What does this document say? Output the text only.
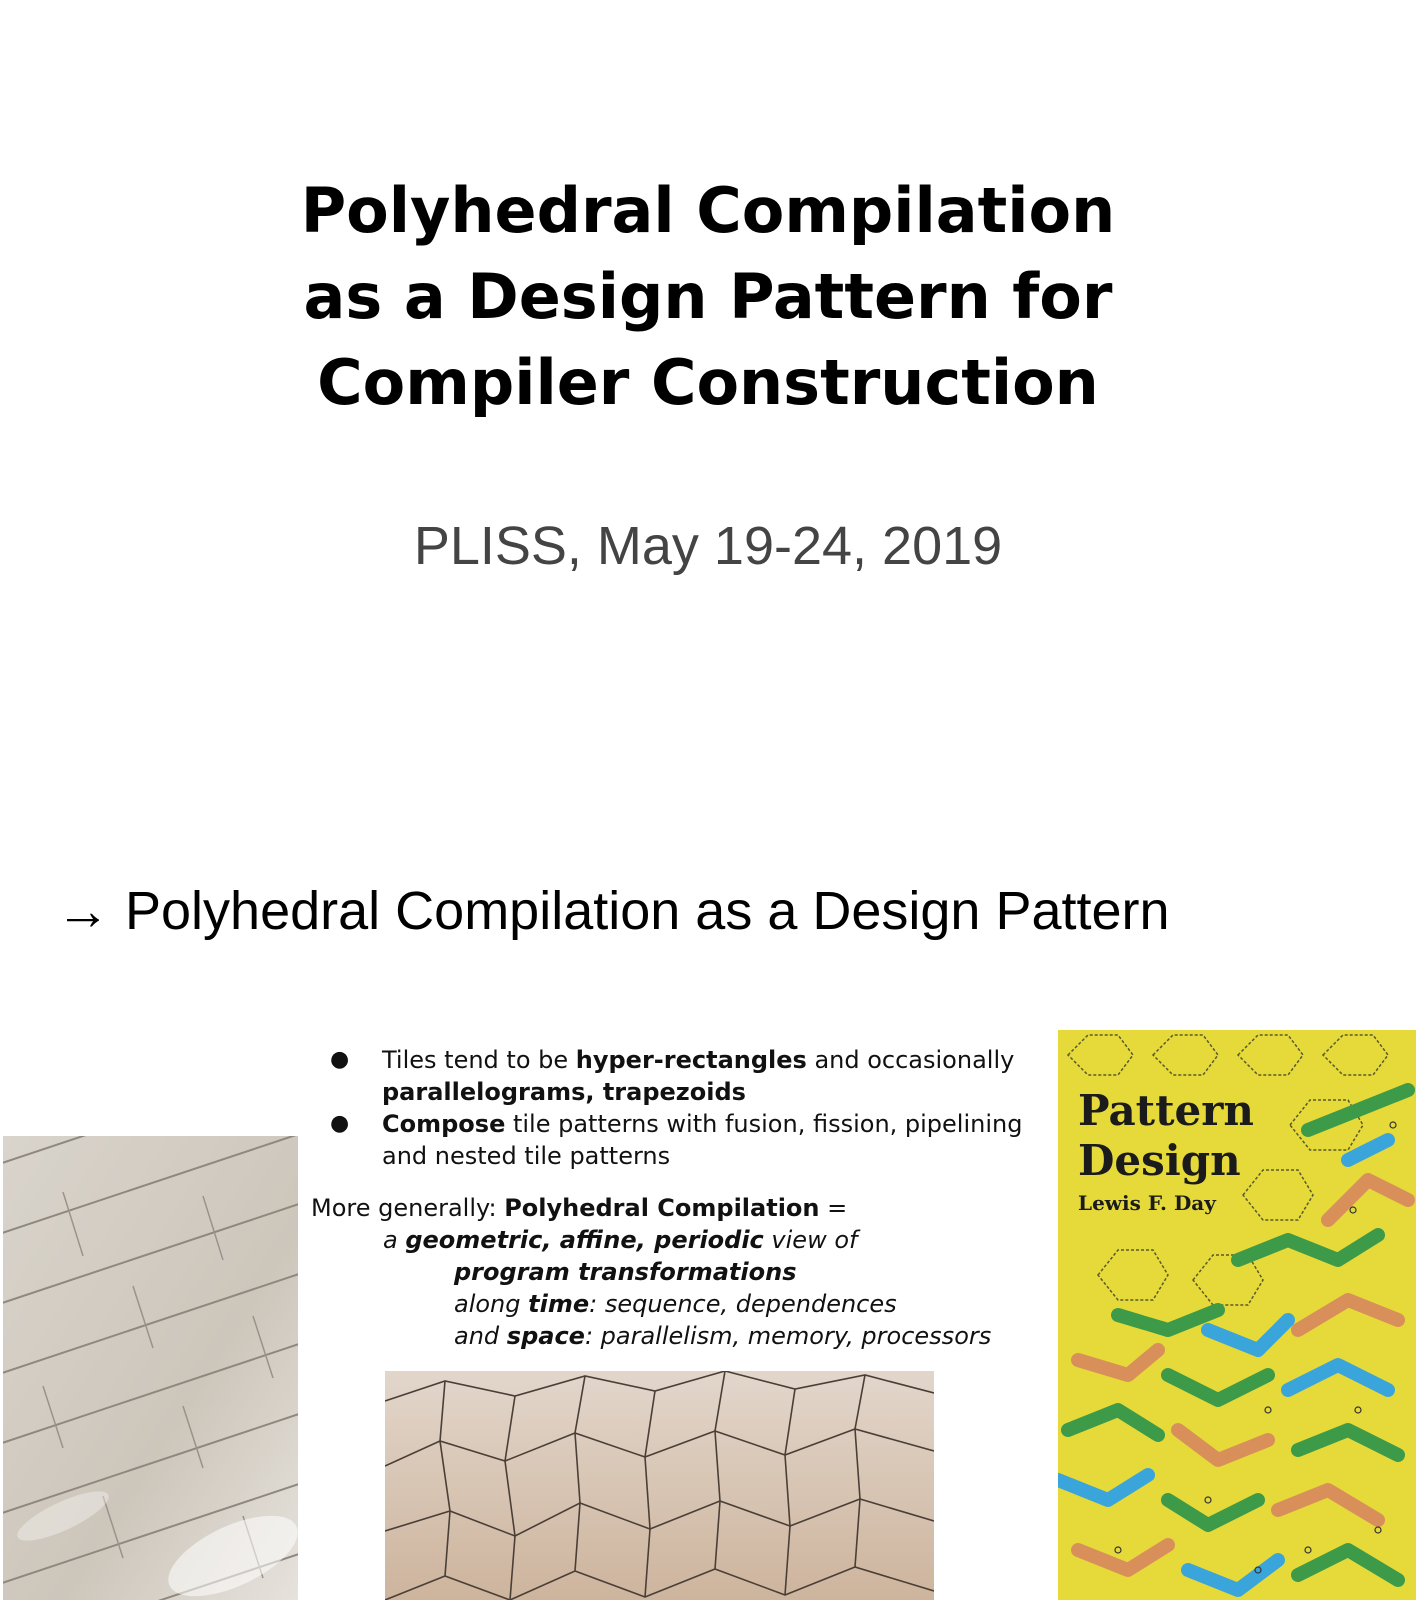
Polyhedral Compilation
as a Design Pattern for
Compiler Construction
PLISS, May 19-24, 2019
→ Polyhedral Compilation as a Design Pattern
● Tiles tend to be hyper-rectangles and occasionally parallelograms, trapezoids
● Compose tile patterns with fusion, fission, pipelining and nested tile patterns
More generally: Polyhedral Compilation =
a geometric, affine, periodic view of
program transformations
along time: sequence, dependences
and space: parallelism, memory, processors
Pattern
Design
Lewis F. Day
